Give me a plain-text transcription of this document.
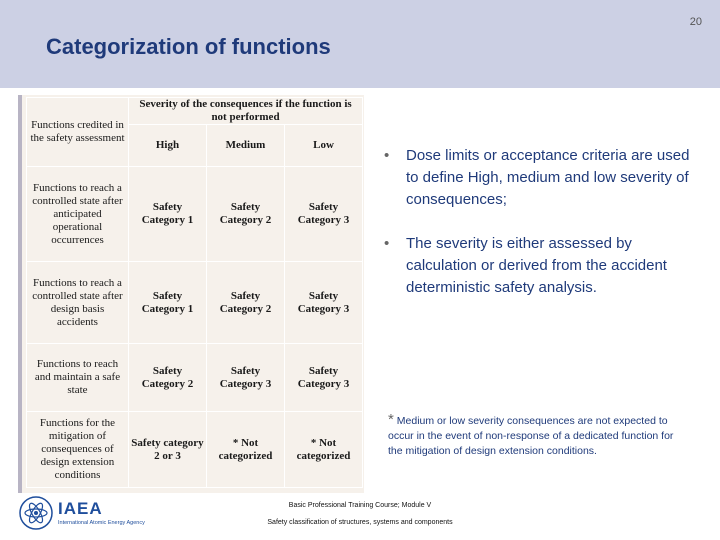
20
Categorization of functions
Functions credited in the safety assessment	Severity of the consequences if the function is not performed		
	High	Medium	Low
Functions to reach a controlled state after anticipated operational occurrences	Safety Category 1	Safety Category 2	Safety Category 3
Functions to reach a controlled state after design basis accidents	Safety Category 1	Safety Category 2	Safety Category 3
Functions to reach and maintain a safe state	Safety Category 2	Safety Category 3	Safety Category 3
Functions for the mitigation of consequences of design extension conditions	Safety category 2 or 3	* Not categorized	* Not categorized
• Dose limits or acceptance criteria are used to define High, medium and low severity of consequences;
• The severity is either assessed by calculation or derived from the accident deterministic safety analysis.
* Medium or low severity consequences are not expected to occur in the event of non-response of a dedicated function for the mitigation of design extension conditions.
IAEA
International Atomic Energy Agency
Basic Professional Training Course; Module V
Safety classification of structures, systems and components
